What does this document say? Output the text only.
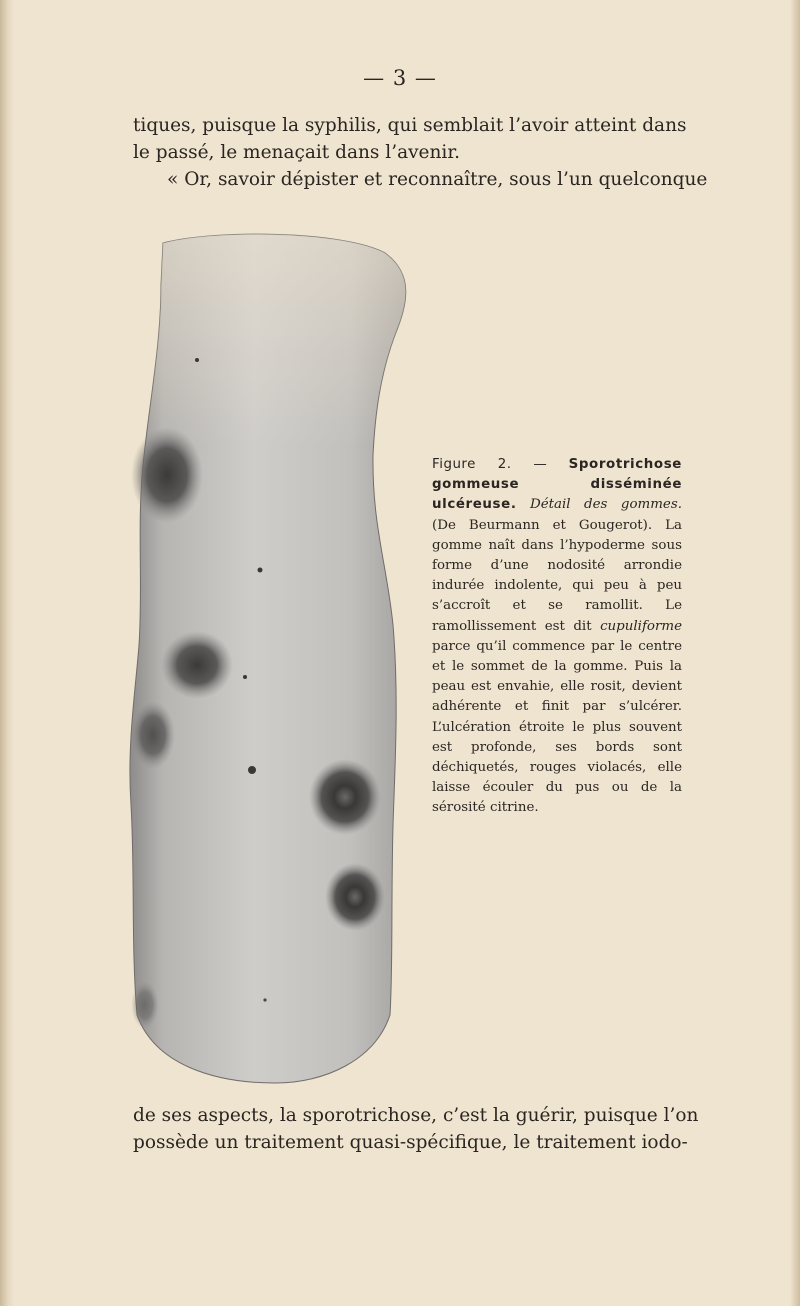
— 3 —

tiques, puisque la syphilis, qui semblait l’avoir atteint dans
le passé, le menaçait dans l’avenir.
« Or, savoir dépister et reconnaître, sous l’un quelconque

Figure 2. — Sporotrichose gommeuse disséminée ulcéreuse. Détail des gommes. (De Beurmann et Gougerot). La gomme naît dans l’hypoderme sous forme d’une nodosité arrondie indurée indolente, qui peu à peu s’accroît et se ramollit. Le ramollissement est dit cupuliforme parce qu’il commence par le centre et le sommet de la gomme. Puis la peau est envahie, elle rosit, devient adhérente et finit par s’ulcérer. L’ulcération étroite le plus souvent est profonde, ses bords sont déchiquetés, rouges violacés, elle laisse écouler du pus ou de la sérosité citrine.

de ses aspects, la sporotrichose, c’est la guérir, puisque l’on
possède un traitement quasi-spécifique, le traitement iodo-
